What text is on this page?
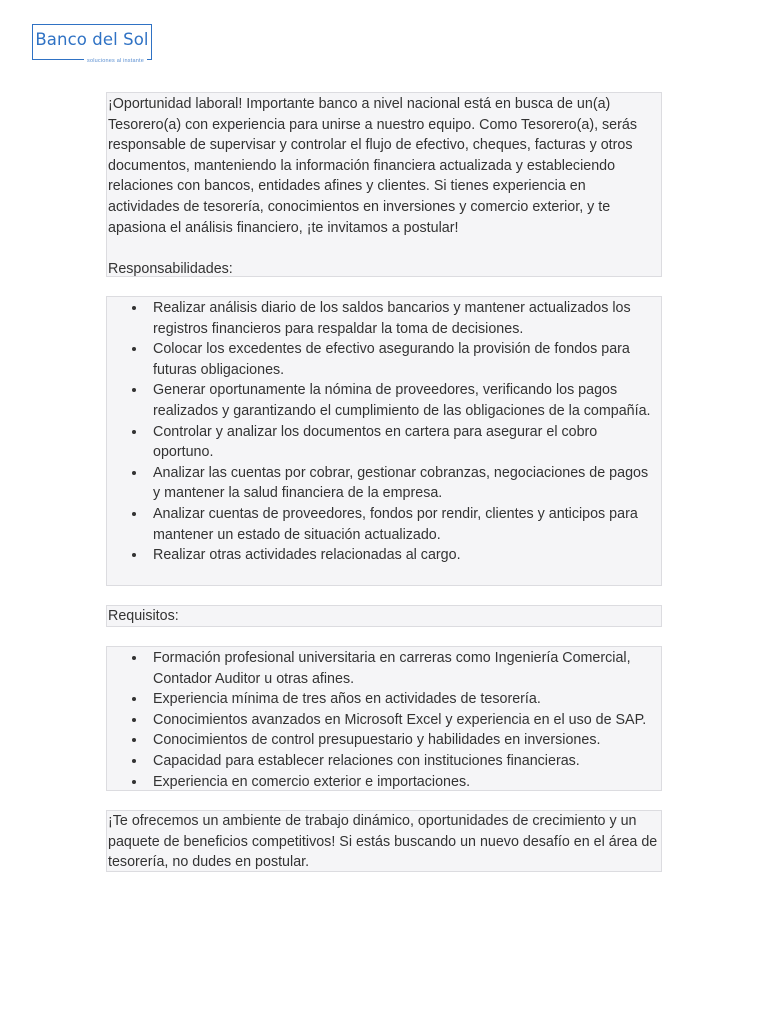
Banco del Sol
soluciones al instante

¡Oportunidad laboral! Importante banco a nivel nacional está en busca de un(a) Tesorero(a) con experiencia para unirse a nuestro equipo. Como Tesorero(a), serás responsable de supervisar y controlar el flujo de efectivo, cheques, facturas y otros documentos, manteniendo la información financiera actualizada y estableciendo relaciones con bancos, entidades afines y clientes. Si tienes experiencia en actividades de tesorería, conocimientos en inversiones y comercio exterior, y te apasiona el análisis financiero, ¡te invitamos a postular!

Responsabilidades:

Realizar análisis diario de los saldos bancarios y mantener actualizados los registros financieros para respaldar la toma de decisiones.
Colocar los excedentes de efectivo asegurando la provisión de fondos para futuras obligaciones.
Generar oportunamente la nómina de proveedores, verificando los pagos realizados y garantizando el cumplimiento de las obligaciones de la compañía.
Controlar y analizar los documentos en cartera para asegurar el cobro oportuno.
Analizar las cuentas por cobrar, gestionar cobranzas, negociaciones de pagos y mantener la salud financiera de la empresa.
Analizar cuentas de proveedores, fondos por rendir, clientes y anticipos para mantener un estado de situación actualizado.
Realizar otras actividades relacionadas al cargo.
Requisitos:
Formación profesional universitaria en carreras como Ingeniería Comercial, Contador Auditor u otras afines.
Experiencia mínima de tres años en actividades de tesorería.
Conocimientos avanzados en Microsoft Excel y experiencia en el uso de SAP.
Conocimientos de control presupuestario y habilidades en inversiones.
Capacidad para establecer relaciones con instituciones financieras.
Experiencia en comercio exterior e importaciones.

¡Te ofrecemos un ambiente de trabajo dinámico, oportunidades de crecimiento y un paquete de beneficios competitivos! Si estás buscando un nuevo desafío en el área de tesorería, no dudes en postular.
